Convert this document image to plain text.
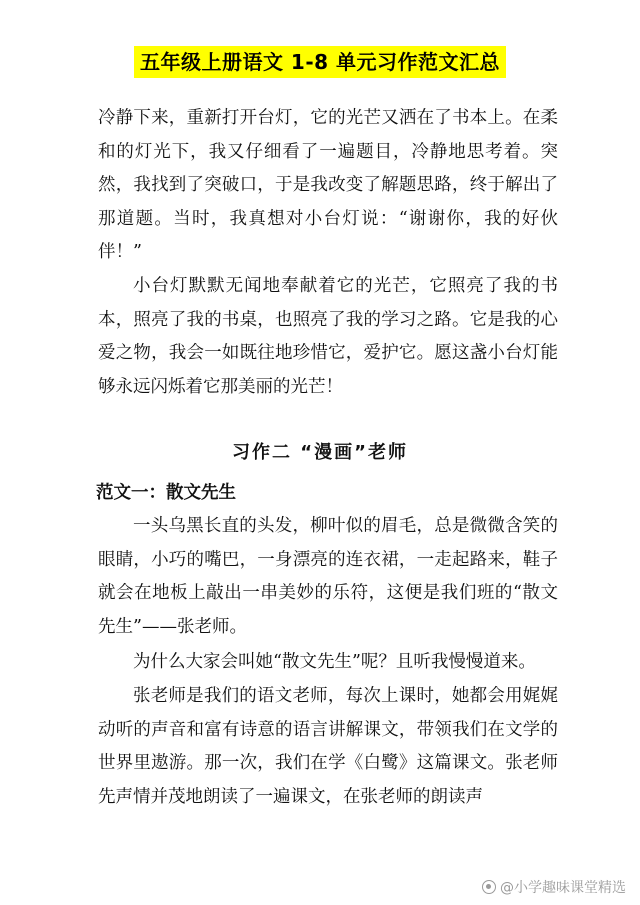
五年级上册语文 1-8 单元习作范文汇总

冷静下来，重新打开台灯，它的光芒又洒在了书本上。在柔和的灯光下，我又仔细看了一遍题目，冷静地思考着。突然，我找到了突破口，于是我改变了解题思路，终于解出了那道题。当时，我真想对小台灯说：“谢谢你，我的好伙伴！”

小台灯默默无闻地奉献着它的光芒，它照亮了我的书本，照亮了我的书桌，也照亮了我的学习之路。它是我的心爱之物，我会一如既往地珍惜它，爱护它。愿这盏小台灯能够永远闪烁着它那美丽的光芒！

习作二 “漫画”老师
范文一：散文先生

一头乌黑长直的头发，柳叶似的眉毛，总是微微含笑的眼睛，小巧的嘴巴，一身漂亮的连衣裙，一走起路来，鞋子就会在地板上敲出一串美妙的乐符，这便是我们班的“散文先生”——张老师。

为什么大家会叫她“散文先生”呢？且听我慢慢道来。

张老师是我们的语文老师，每次上课时，她都会用娓娓动听的声音和富有诗意的语言讲解课文，带领我们在文学的世界里遨游。那一次，我们在学《白鹭》这篇课文。张老师先声情并茂地朗读了一遍课文，在张老师的朗读声

@小学趣味课堂精选
